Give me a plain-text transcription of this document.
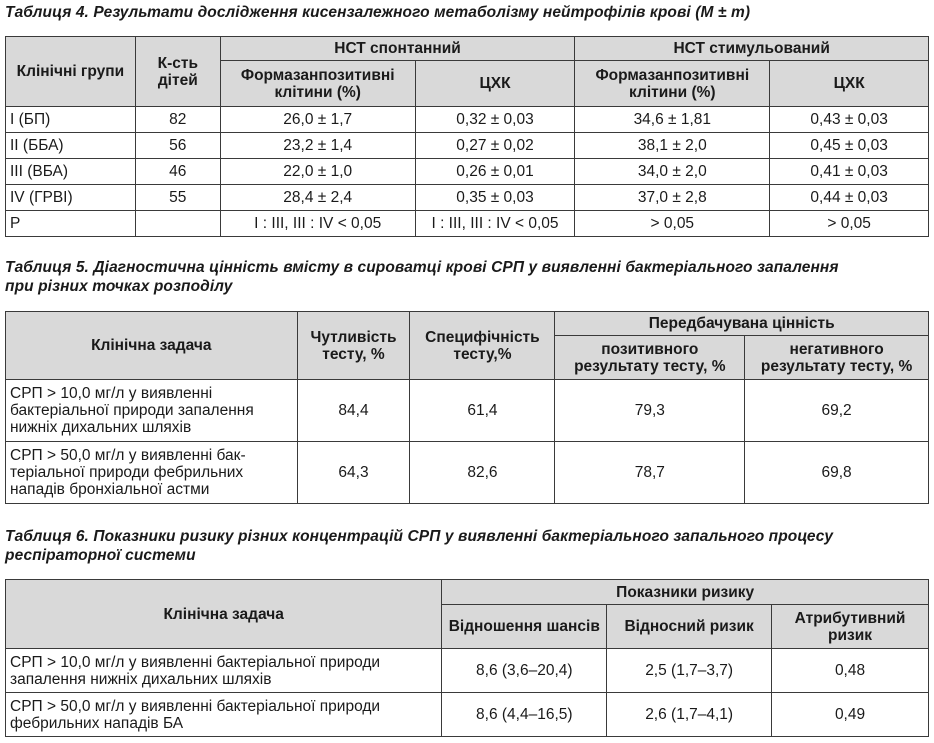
Таблиця 4. Результати дослідження кисензалежного метаболізму нейтрофілів крові (M ± m)
Клінічні групи	К-сть дітей	НСТ спонтанний		НСТ стимульований	
		Формазанпозитивні клітини (%)	ЦХК	Формазанпозитивні клітини (%)	ЦХК
I (БП)	82	26,0 ± 1,7	0,32 ± 0,03	34,6 ± 1,81	0,43 ± 0,03
II (ББА)	56	23,2 ± 1,4	0,27 ± 0,02	38,1 ± 2,0	0,45 ± 0,03
III (ВБА)	46	22,0 ± 1,0	0,26 ± 0,01	34,0 ± 2,0	0,41 ± 0,03
IV (ГРВІ)	55	28,4 ± 2,4	0,35 ± 0,03	37,0 ± 2,8	0,44 ± 0,03
P		I : III, III : IV < 0,05	I : III, III : IV < 0,05	> 0,05	> 0,05
Таблиця 5. Діагностична цінність вмісту в сироватці крові СРП у виявленні бактеріального запалення
при різних точках розподілу
Клінічна задача	Чутливість тесту, %	Специфічність тесту,%	Передбачувана цінність	
			позитивного результату тесту, %	негативного результату тесту, %
СРП > 10,0 мг/л у виявленні бактеріальної природи запалення нижніх дихальних шляхів	84,4	61,4	79,3	69,2
СРП > 50,0 мг/л у виявленні бак-теріальної природи фебрильних нападів бронхіальної астми	64,3	82,6	78,7	69,8
Таблиця 6. Показники ризику різних концентрацій СРП у виявленні бактеріального запального процесу
респіраторної системи
Клінічна задача	Показники ризику		
	Відношення шансів	Відносний ризик	Атрибутивний ризик
СРП > 10,0 мг/л у виявленні бактеріальної природи запалення нижніх дихальних шляхів	8,6 (3,6–20,4)	2,5 (1,7–3,7)	0,48
СРП > 50,0 мг/л у виявленні бактеріальної природи фебрильних нападів БА	8,6 (4,4–16,5)	2,6 (1,7–4,1)	0,49
